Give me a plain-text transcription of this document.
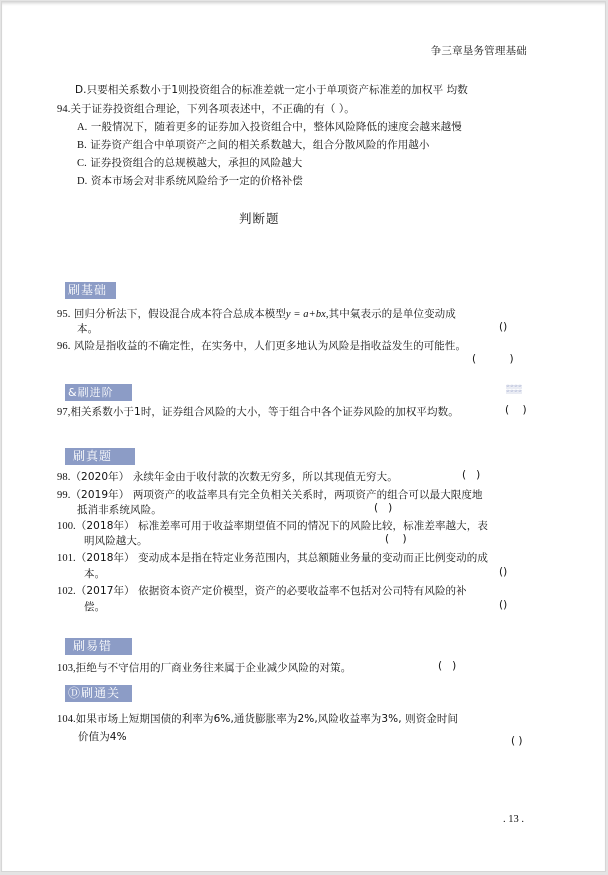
争三章垦务管理基础
D.只要相关系数小于1则投资组合的标准差就一定小于单项资产标准差的加权平 均数
94.关于证券投资组合理论，下列各项表述中，不正确的有（ ）。
A. 一般情况下，随着更多的证券加入投资组合中，整体风险降低的速度会越来越慢
B. 证券资产组合中单项资产之间的相关系数越大，组合分散风险的作用越小
C. 证券投资组合的总规模越大，承担的风险越大
D. 资本市场会对非系统风险给予一定的价格补偿
判断题
刷基础
95. 回归分析法下，假设混合成本符合总成本模型y = a+bx,其中氣表示的是单位变动成
本。	()
96. 风险是指收益的不确定性，在实务中，人们更多地认为风险是指收益发生的可能性。
(          )
&刷进阶	密密密密
密密密密
97,相关系数小于1时，证券组合风险的大小，等于组合中各个证券风险的加权平均数。	(    )
刷真题
98.（2020年） 永续年金由于收付款的次数无穷多，所以其现值无穷大。	(   )
99.（2019年） 两项资产的收益率具有完全负相关关系时，两项资产的组合可以最大限度地
抵消非系统风险。	(   )
100.（2018年） 标准差率可用于收益率期望值不同的情况下的风险比较，标准差率越大，表
明风险越大。	(    )
101.（2018年） 变动成本是指在特定业务范围内，其总额随业务量的变动而正比例变动的成
本。	()
102.（2017年） 依据资本资产定价模型，资产的必要收益率不包括对公司特有风险的补
偿。	()
刷易错
103,拒绝与不守信用的厂商业务往来属于企业减少风险的对策。	(   )
Ⓓ刷通关
104.如果市场上短期国债的利率为6%,通货膨胀率为2%,风险收益率为3%, 则资金时间
价值为4%	( )
. 13 .
